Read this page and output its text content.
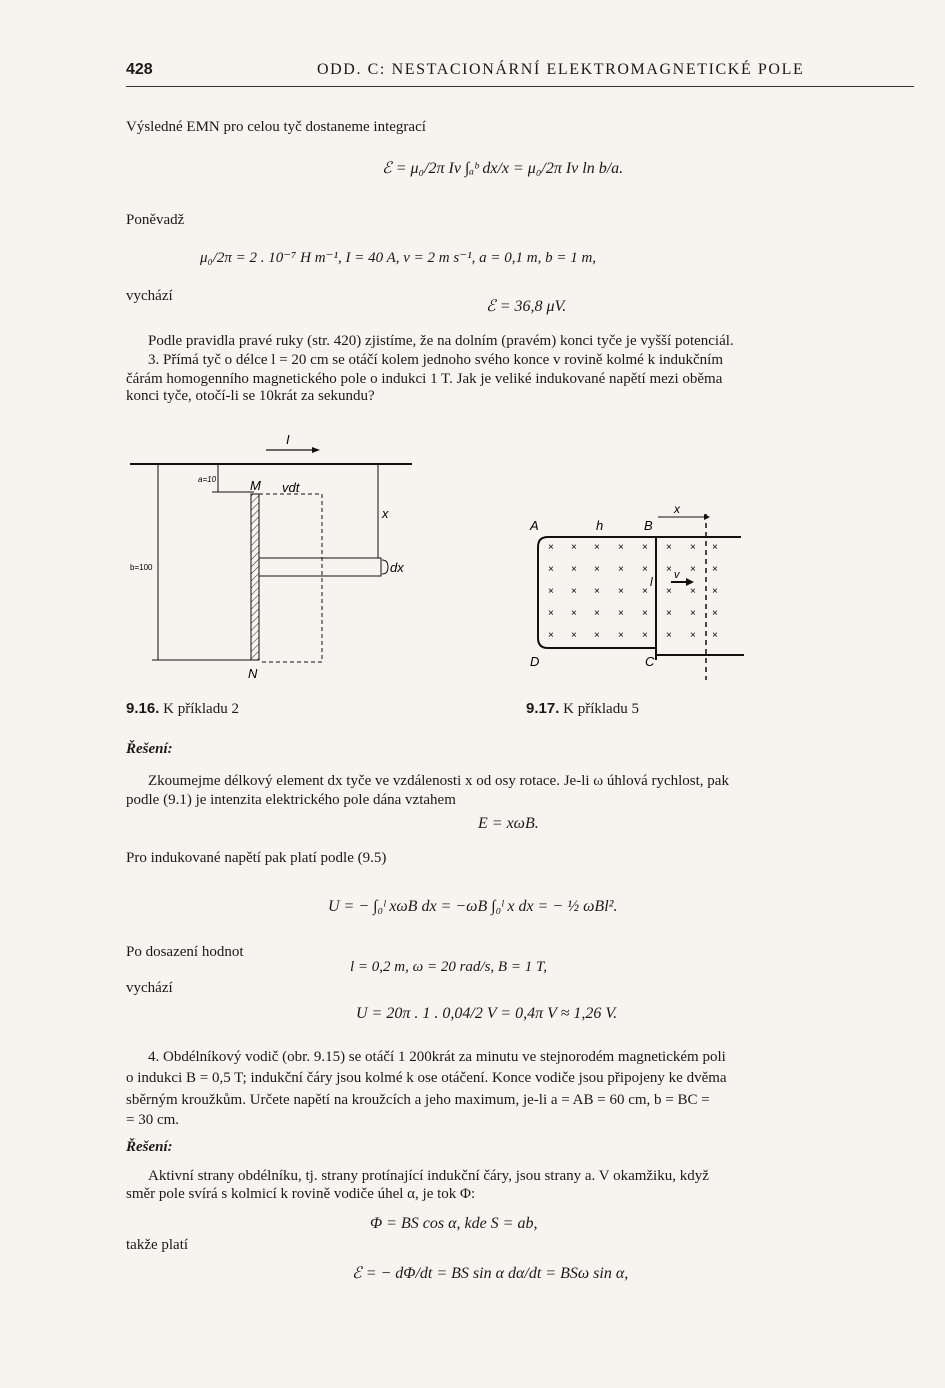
428	ODD. C: NESTACIONÁRNÍ ELEKTROMAGNETICKÉ POLE
Výsledné EMN pro celou tyč dostaneme integrací
ℰ = μ₀/2π Iv ∫ₐᵇ dx/x = μ₀/2π Iv ln b/a.
Poněvadž
μ₀/2π = 2 . 10⁻⁷ H m⁻¹, I = 40 A, v = 2 m s⁻¹, a = 0,1 m, b = 1 m,
vychází
ℰ = 36,8 μV.
Podle pravidla pravé ruky (str. 420) zjistíme, že na dolním (pravém) konci tyče je vyšší potenciál.
3. Přímá tyč o délce l = 20 cm se otáčí kolem jednoho svého konce v rovině kolmé k indukčním
čárám homogenního magnetického pole o indukci 1 T. Jak je veliké indukované napětí mezi oběma
konci tyče, otočí-li se 10krát za sekundu?
I
b=100
a=10	M
N
vdt
x
dx
9.16. K příkladu 2
A	h	B
D	C
x
l v
× × × × × × × ×
× × × × × × × ×
× × × × × × × ×
× × × × × × × ×
× × × × × × × ×
9.17. K příkladu 5
Řešení:
Zkoumejme délkový element dx tyče ve vzdálenosti x od osy rotace. Je-li ω úhlová rychlost, pak
podle (9.1) je intenzita elektrického pole dána vztahem
E = xωB.
Pro indukované napětí pak platí podle (9.5)
U = − ∫₀ˡ xωB dx = −ωB ∫₀ˡ x dx = − ½ ωBl².
Po dosazení hodnot
l = 0,2 m, ω = 20 rad/s, B = 1 T,
vychází
U = 20π . 1 . 0,04/2 V = 0,4π V ≈ 1,26 V.
4. Obdélníkový vodič (obr. 9.15) se otáčí 1 200krát za minutu ve stejnorodém magnetickém poli
o indukci B = 0,5 T; indukční čáry jsou kolmé k ose otáčení. Konce vodiče jsou připojeny ke dvěma
sběrným kroužkům. Určete napětí na kroužcích a jeho maximum, je-li a = AB = 60 cm, b = BC =
= 30 cm.
Řešení:
Aktivní strany obdélníku, tj. strany protínající indukční čáry, jsou strany a. V okamžiku, když
směr pole svírá s kolmicí k rovině vodiče úhel α, je tok Φ:
Φ = BS cos α, kde S = ab,
takže platí
ℰ = − dΦ/dt = BS sin α dα/dt = BSω sin α,
